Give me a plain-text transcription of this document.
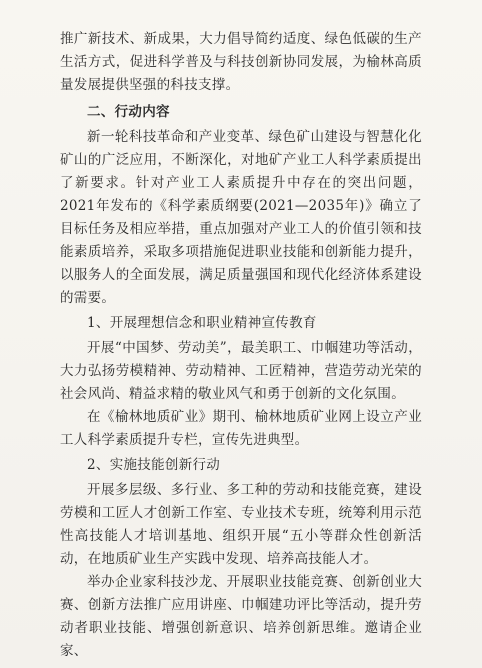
推广新技术、新成果，大力倡导简约适度、绿色低碳的生产生活方式，促进科学普及与科技创新协同发展，为榆林高质量发展提供坚强的科技支撑。

二、行动内容

新一轮科技革命和产业变革、绿色矿山建设与智慧化化矿山的广泛应用，不断深化，对地矿产业工人科学素质提出了新要求。针对产业工人素质提升中存在的突出问题，2021年发布的《科学素质纲要(2021—2035年)》确立了目标任务及相应举措，重点加强对产业工人的价值引领和技能素质培养，采取多项措施促进职业技能和创新能力提升，以服务人的全面发展，满足质量强国和现代化经济体系建设的需要。

1、开展理想信念和职业精神宣传教育

开展“中国梦、劳动美”，最美职工、巾帼建功等活动，大力弘扬劳模精神、劳动精神、工匠精神，营造劳动光荣的社会风尚、精益求精的敬业风气和勇于创新的文化氛围。

在《榆林地质矿业》期刊、榆林地质矿业网上设立产业工人科学素质提升专栏，宣传先进典型。

2、实施技能创新行动

开展多层级、多行业、多工种的劳动和技能竞赛，建设劳模和工匠人才创新工作室、专业技术专班，统筹利用示范性高技能人才培训基地、组织开展“五小等群众性创新活动，在地质矿业生产实践中发现、培养高技能人才。

举办企业家科技沙龙、开展职业技能竞赛、创新创业大赛、创新方法推广应用讲座、巾帼建功评比等活动，提升劳动者职业技能、增强创新意识、培养创新思维。邀请企业家、
